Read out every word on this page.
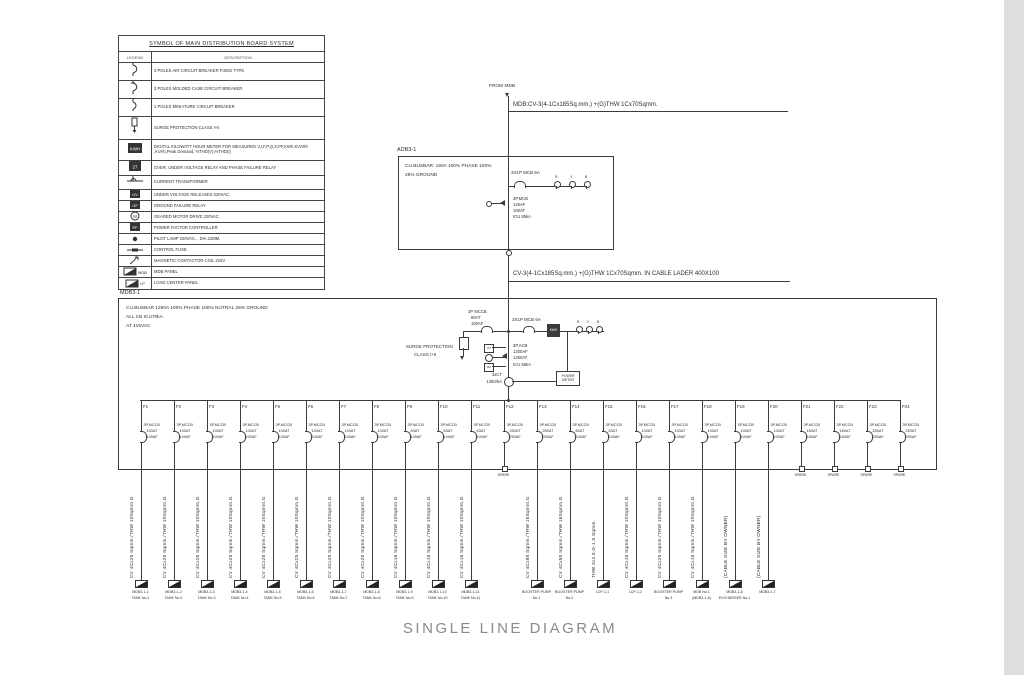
SYMBOL OF MAIN DISTRIBUTION BOARD SYSTEM
LEGEND	DESCRIPTION
3 POLES AIR CIRCUIT BREAKER FIXED TYPE
3 POLES MOLDED CASE CIRCUIT BREAKER
1 POLES MINIATURE CIRCUIT BREAKER
SURGE PROTECTION CLASS I+II
KWH	DIGITAL KILOWATT HOUR METER FOR MEASURED V,I,F,P,Q,S,PF,KWh,KVARh ,KVAh,Peak Demand, %THD(V),%THD(I)
27	OVER, UNDER VOLTAGE RELAY AND PHASE FAILURE RELAY
CURRENT TRANSFORMER
UV	UNDER VOLTAGE RELEASES 220VAC.
GF	GROUND FAILURE RELAY
M	GEARED MOTOR DRIVE 220VAC.
PF	POWER FACTOR CONTROLLER
PILOT LAMP 220VAC. , DIA 22MM.
CONTROL FUSE
MAGNETIC CONTACTOR COIL 220V.
MDB	MDB PANEL
LP	LOAD CENTER PANEL
FROM MDB
MDB:CV-3(4-1Cx185Sq.mm.) +(G)THW 1Cx70Sqmm.
ADB3-1
CU.BUSBAR: 150A 100% PHASE 100%
25% GROUND
3X1P MCB 6A
R	Y	B
3P,MCB
125AF
100AT
ICU 85kA
CV-3(4-1Cx185Sq.mm.) +(G)THW 1Cx70Sqmm. IN CABLE LADER 400X100
MDB3-1
CU.BUSBAR 1250A 100% PHASE 100% NUTRAL 25% GROUND
ALL CB ICU70kA
AT 415VAC
3P MCCB
60AT
100AF
SURGE PROTECTION
CLASS I+II
3X1P MCB 6A
KWH
R Y B
UV
GF
3P,ACB
1250AF
1250AT
ICU 65kA
3xCT
1250/5A
POWER
METER
F1
3P,MCCB
100AT
100AF
CV 4Cx25 Sqmm./THW 10Sqmm.G
MDB3-1-1
TANK No.1
F2
3P,MCCB
100AT
100AF
CV 4Cx25 Sqmm./THW 10Sqmm.G
MDB3-1-2
TANK No.2
F3
3P,MCCB
100AT
100AF
CV 4Cx25 Sqmm./THW 10Sqmm.G
MDB3-1-3
TANK No.3
F4
3P,MCCB
100AT
100AF
CV 4Cx25 Sqmm./THW 10Sqmm.G
MDB3-1-4
TANK No.4
F5
3P,MCCB
100AT
100AF
CV 4Cx25 Sqmm./THW 10Sqmm.G
MDB3-1-5
TANK No.5
F6
3P,MCCB
100AT
100AF
CV 4Cx25 Sqmm./THW 10Sqmm.G
MDB3-1-6
TANK No.6
F7
3P,MCCB
100AT
100AF
CV 4Cx25 Sqmm./THW 10Sqmm.G
MDB3-1-7
TANK No.7
F8
3P,MCCB
100AT
100AF
CV 4Cx25 Sqmm./THW 10Sqmm.G
MDB3-1-8
TANK No.8
F9
3P,MCCB
63AT
100AF
CV 4Cx16 Sqmm./THW 10Sqmm.G
MDB3-1-9
TANK No.9
F10
3P,MCCB
63AT
100AF
CV 4Cx16 Sqmm./THW 10Sqmm.G
MDB3-1-10
TANK No.10
F11
3P,MCCB
63AT
100AF
CV 4Cx16 Sqmm./THW 10Sqmm.G
MDB3-1-11
TANK No.11
F12
3P,MCCB
250AT
250AF
SPARE
F13
3P,MCCB
250AT
250AF
CV 4Cx95 Sqmm./THW 16Sqmm.G
BOOSTER PUMP
No.1
F14
3P,MCCB
80AT
100AF
CV 4Cx95 Sqmm./THW 16Sqmm.G
BOOSTER PUMP
No.2
F15
3P,MCCB
63AT
100AF
THW 3x2.5,G-1.5 Sqmm.
LCP-1-1
F16
3P,MCCB
100AT
100AF
CV 4Cx16 Sqmm./THW 10Sqmm.G
LCP-1-2
F17
3P,MCCB
100AT
100AF
CV 4Cx25 Sqmm./THW 10Sqmm.G
BOOSTER PUMP
No.3
F18
3P,MCCB
100AT
100AF
CV 4Cx16 Sqmm./THW 10Sqmm.G
MDB No.1
(MDB3-1-6)
F19
3P,MCCB
100AT
100AF
(CABLE SIZE BY OWNER)
MDB3-1-6
EVCHARGER No.1
F20
3P,MCCB
100AT
100AF
(CABLE SIZE BY OWNER)
MDB3-1-7
F21
3P,MCCB
160AT
160AF
SPARE
F22
3P,MCCB
160AT
160AF
SPARE
F23
3P,MCCB
250AT
250AF
SPARE
F24
3P,MCCB
250AT
250AF
SPARE
SINGLE LINE DIAGRAM
